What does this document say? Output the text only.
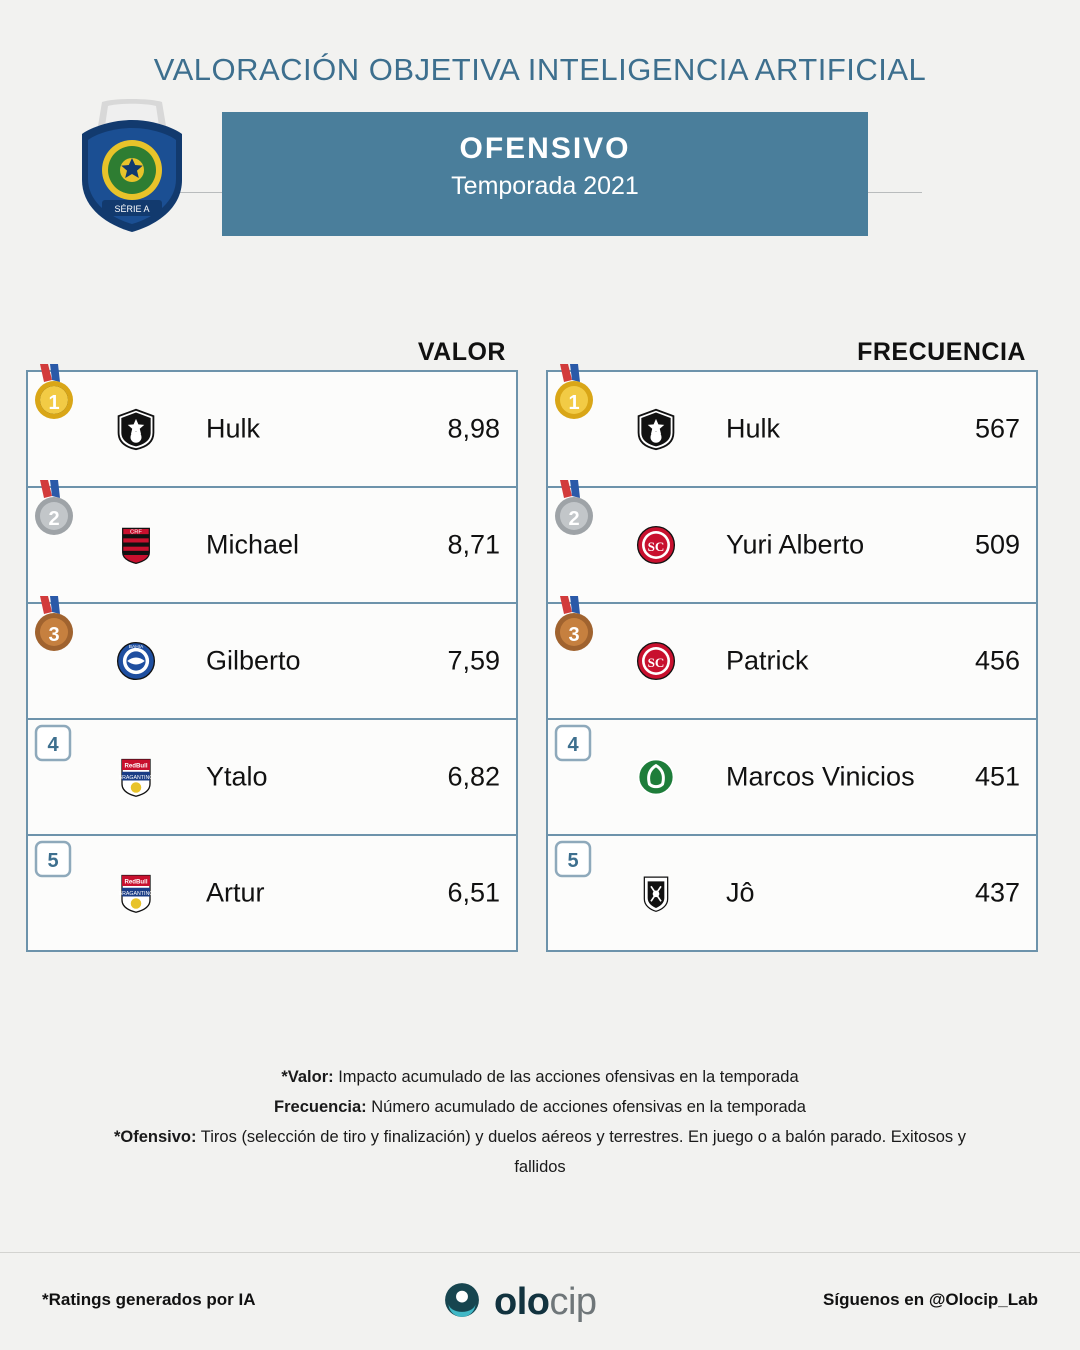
VALORACIÓN OBJETIVA INTELIGENCIA ARTIFICIAL
OFENSIVO
Temporada 2021
SÉRIE A
VALOR
1
Hulk	8,98
2
CRF Michael	8,71
3
BAHIA Gilberto	7,59
4
RedBull
BRAGANTINO Ytalo	6,82
5
RedBull
BRAGANTINO Artur	6,51
FRECUENCIA
1
Hulk	567
2
SC Yuri Alberto	509
3
SC Patrick	456
4
Marcos Vinicios 451
5
Jô	437
*Valor: Impacto acumulado de las acciones ofensivas en la temporada
Frecuencia: Número acumulado de acciones ofensivas en la temporada
*Ofensivo: Tiros (selección de tiro y finalización) y duelos aéreos y terrestres. En juego o a balón parado. Exitosos y fallidos
*Ratings generados por IA	olocip	Síguenos en @Olocip_Lab
